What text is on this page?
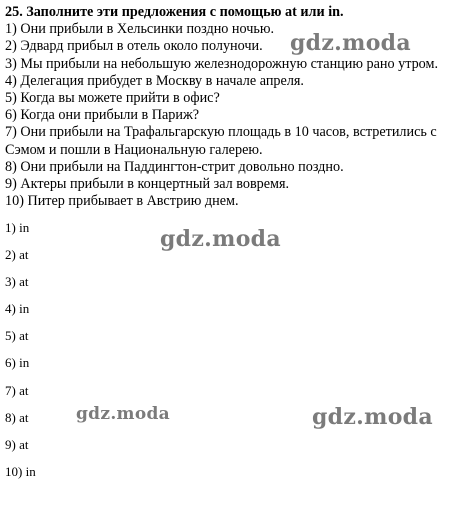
25. Заполните эти предложения с помощью at или in.
1) Они прибыли в Хельсинки поздно ночью.
2) Эдвард прибыл в отель около полуночи.
3) Мы прибыли на небольшую железнодорожную станцию рано утром.
4) Делегация прибудет в Москву в начале апреля.
5) Когда вы можете прийти в офис?
6) Когда они прибыли в Париж?
7) Они прибыли на Трафальгарскую площадь в 10 часов, встретились с
Сэмом и пошли в Национальную галерею.
8) Они прибыли на Паддингтон-стрит довольно поздно.
9) Актеры прибыли в концертный зал вовремя.
10) Питер прибывает в Австрию днем.
1) in
2) at
3) at
4) in
5) at
6) in
7) at
8) at
9) at
10) in
gdz.moda
gdz.moda
gdz.moda	gdz.moda
